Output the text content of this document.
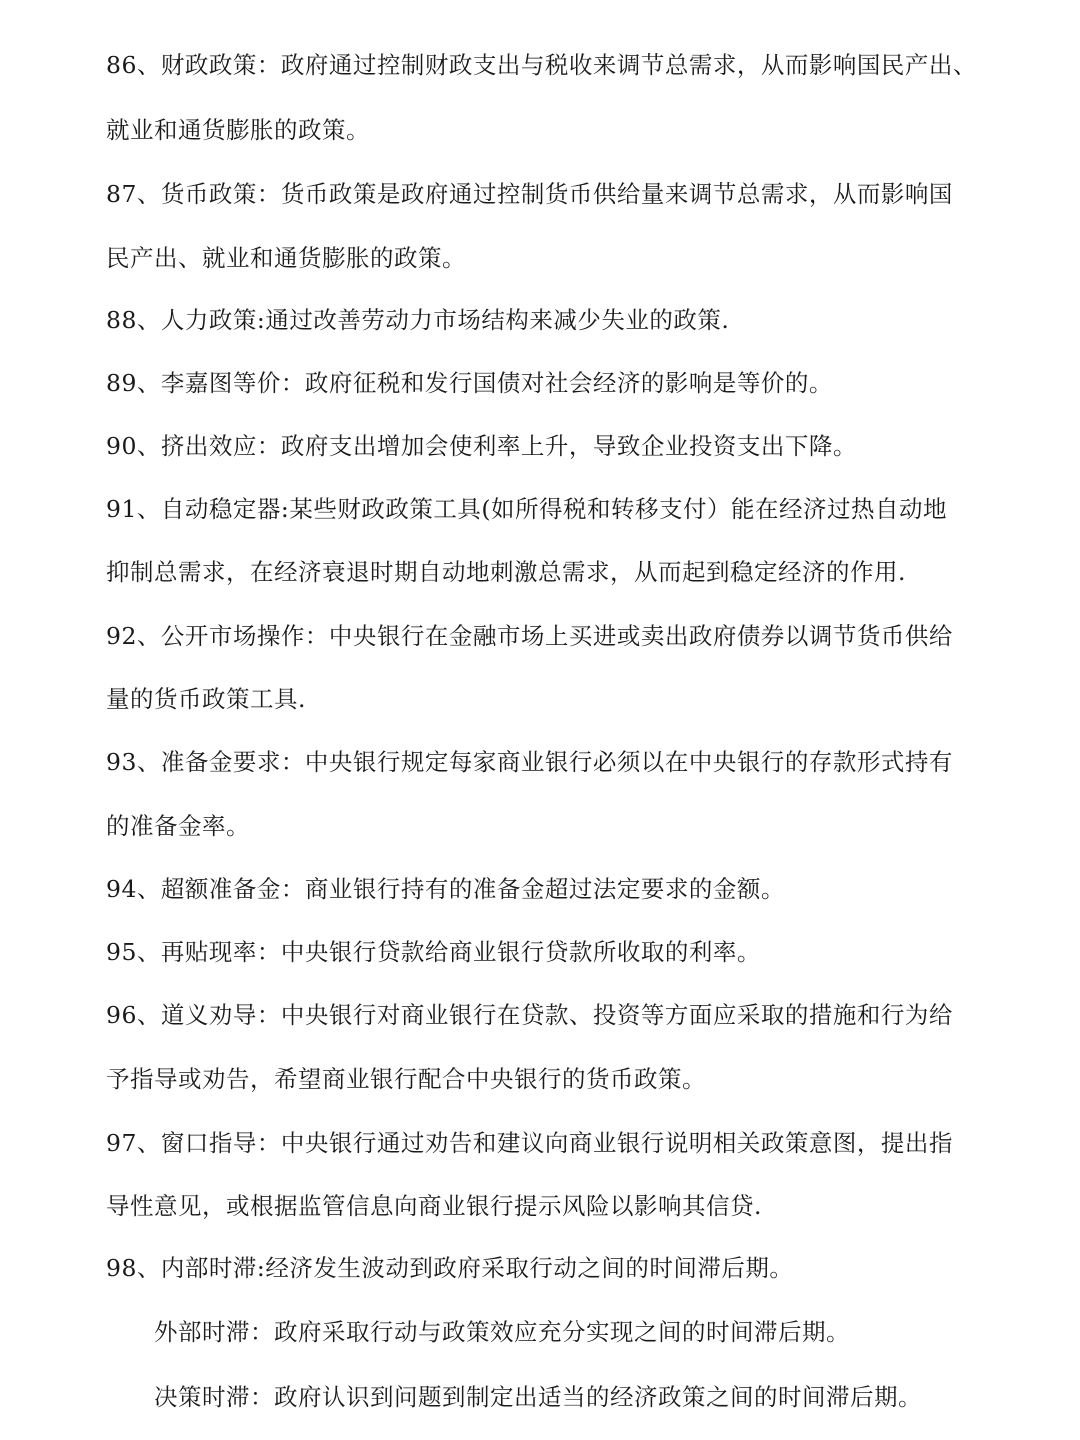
86、财政政策：政府通过控制财政支出与税收来调节总需求，从而影响国民产出、
就业和通货膨胀的政策。
87、货币政策：货币政策是政府通过控制货币供给量来调节总需求，从而影响国
民产出、就业和通货膨胀的政策。
88、人力政策:通过改善劳动力市场结构来减少失业的政策.
89、李嘉图等价：政府征税和发行国债对社会经济的影响是等价的。
90、挤出效应：政府支出增加会使利率上升，导致企业投资支出下降。
91、自动稳定器:某些财政政策工具(如所得税和转移支付）能在经济过热自动地
抑制总需求，在经济衰退时期自动地刺激总需求，从而起到稳定经济的作用.
92、公开市场操作：中央银行在金融市场上买进或卖出政府债券以调节货币供给
量的货币政策工具.
93、准备金要求：中央银行规定每家商业银行必须以在中央银行的存款形式持有
的准备金率。
94、超额准备金：商业银行持有的准备金超过法定要求的金额。
95、再贴现率：中央银行贷款给商业银行贷款所收取的利率。
96、道义劝导：中央银行对商业银行在贷款、投资等方面应采取的措施和行为给
予指导或劝告，希望商业银行配合中央银行的货币政策。
97、窗口指导：中央银行通过劝告和建议向商业银行说明相关政策意图，提出指
导性意见，或根据监管信息向商业银行提示风险以影响其信贷.
98、内部时滞:经济发生波动到政府采取行动之间的时间滞后期。
外部时滞：政府采取行动与政策效应充分实现之间的时间滞后期。
决策时滞：政府认识到问题到制定出适当的经济政策之间的时间滞后期。
